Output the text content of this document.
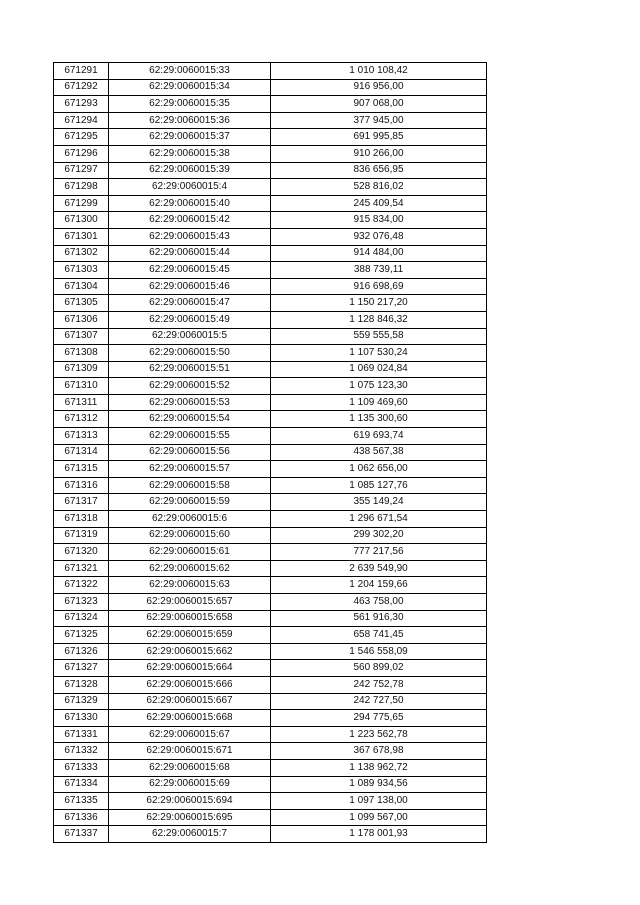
671291	62:29:0060015:33	1 010 108,42
671292	62:29:0060015:34	916 956,00
671293	62:29:0060015:35	907 068,00
671294	62:29:0060015:36	377 945,00
671295	62:29:0060015:37	691 995,85
671296	62:29:0060015:38	910 266,00
671297	62:29:0060015:39	836 656,95
671298	62:29:0060015:4	528 816,02
671299	62:29:0060015:40	245 409,54
671300	62:29:0060015:42	915 834,00
671301	62:29:0060015:43	932 076,48
671302	62:29:0060015:44	914 484,00
671303	62:29:0060015:45	388 739,11
671304	62:29:0060015:46	916 698,69
671305	62:29:0060015:47	1 150 217,20
671306	62:29:0060015:49	1 128 846,32
671307	62:29:0060015:5	559 555,58
671308	62:29:0060015:50	1 107 530,24
671309	62:29:0060015:51	1 069 024,84
671310	62:29:0060015:52	1 075 123,30
671311	62:29:0060015:53	1 109 469,60
671312	62:29:0060015:54	1 135 300,60
671313	62:29:0060015:55	619 693,74
671314	62:29:0060015:56	438 567,38
671315	62:29:0060015:57	1 062 656,00
671316	62:29:0060015:58	1 085 127,76
671317	62:29:0060015:59	355 149,24
671318	62:29:0060015:6	1 296 671,54
671319	62:29:0060015:60	299 302,20
671320	62:29:0060015:61	777 217,56
671321	62:29:0060015:62	2 639 549,90
671322	62:29:0060015:63	1 204 159,66
671323	62:29:0060015:657	463 758,00
671324	62:29:0060015:658	561 916,30
671325	62:29:0060015:659	658 741,45
671326	62:29:0060015:662	1 546 558,09
671327	62:29:0060015:664	560 899,02
671328	62:29:0060015:666	242 752,78
671329	62:29:0060015:667	242 727,50
671330	62:29:0060015:668	294 775,65
671331	62:29:0060015:67	1 223 562,78
671332	62:29:0060015:671	367 678,98
671333	62:29:0060015:68	1 138 962,72
671334	62:29:0060015:69	1 089 934,56
671335	62:29:0060015:694	1 097 138,00
671336	62:29:0060015:695	1 099 567,00
671337	62:29:0060015:7	1 178 001,93
